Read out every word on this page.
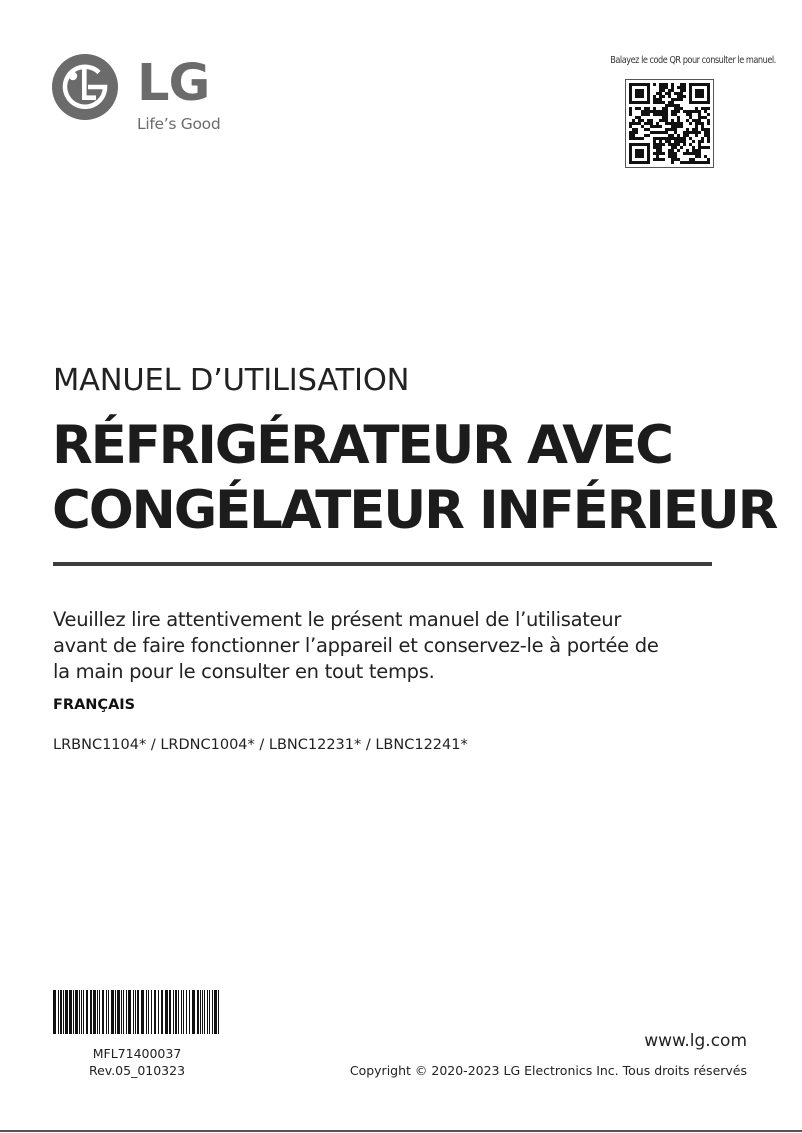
LG
Life’s Good
Balayez le code QR pour consulter le manuel.
MANUEL D’UTILISATION
RÉFRIGÉRATEUR AVEC
CONGÉLATEUR INFÉRIEUR
Veuillez lire attentivement le présent manuel de l’utilisateur
avant de faire fonctionner l’appareil et conservez-le à portée de
la main pour le consulter en tout temps.
FRANÇAIS
LRBNC1104* / LRDNC1004* / LBNC12231* / LBNC12241*
MFL71400037
Rev.05_010323
www.lg.com
Copyright © 2020-2023 LG Electronics Inc. Tous droits réservés
